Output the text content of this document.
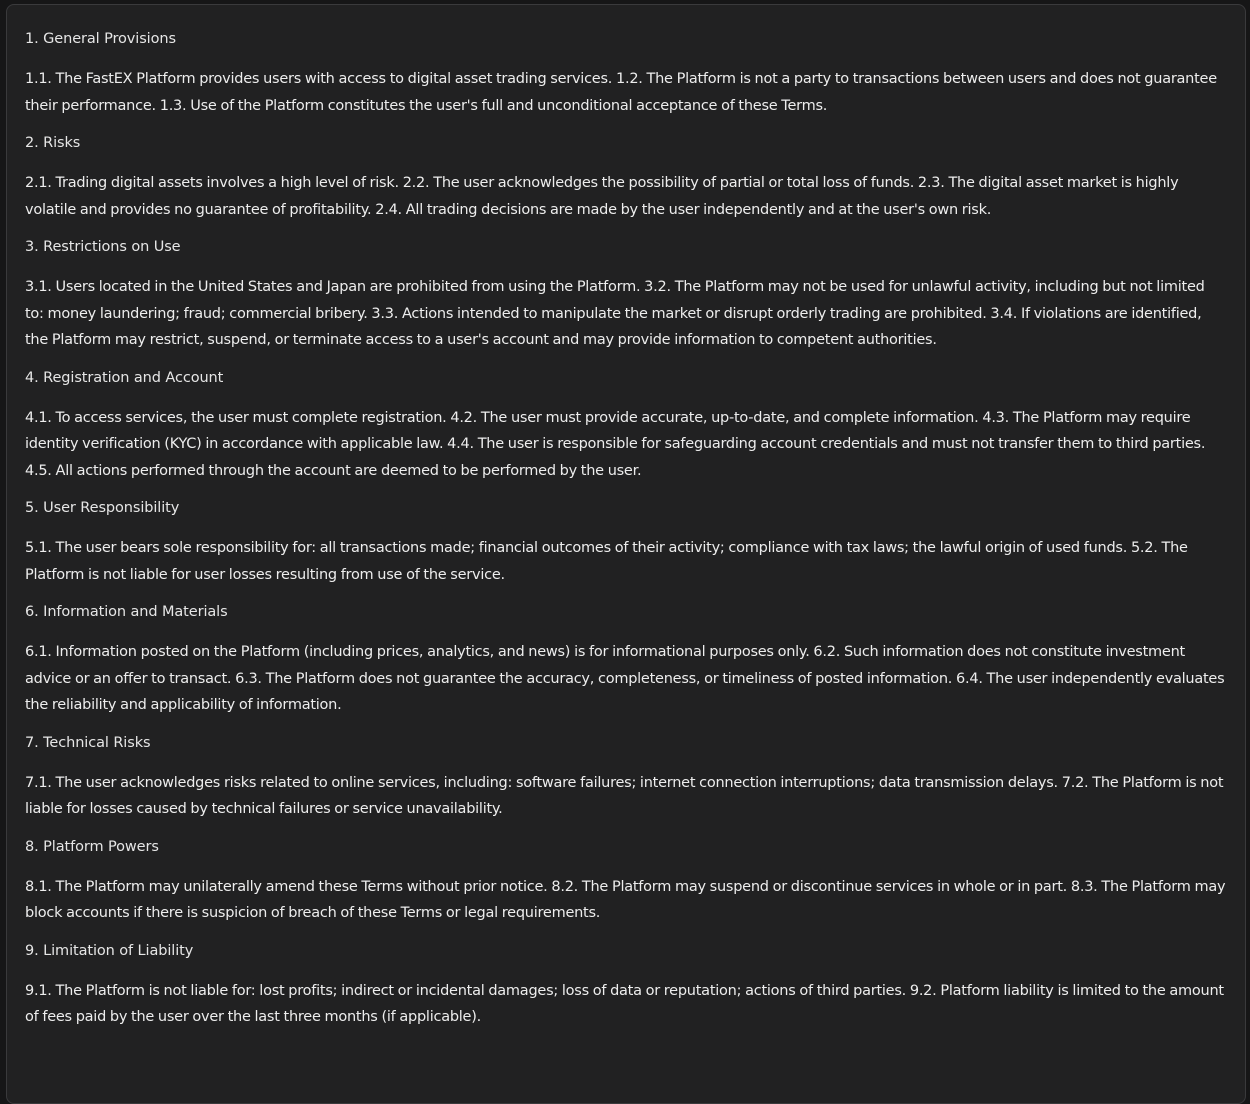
1. General Provisions

1.1. The FastEX Platform provides users with access to digital asset trading services. 1.2. The Platform is not a party to transactions between users and does not guarantee their performance. 1.3. Use of the Platform constitutes the user's full and unconditional acceptance of these Terms.

2. Risks

2.1. Trading digital assets involves a high level of risk. 2.2. The user acknowledges the possibility of partial or total loss of funds. 2.3. The digital asset market is highly volatile and provides no guarantee of profitability. 2.4. All trading decisions are made by the user independently and at the user's own risk.

3. Restrictions on Use

3.1. Users located in the United States and Japan are prohibited from using the Platform. 3.2. The Platform may not be used for unlawful activity, including but not limited to: money laundering; fraud; commercial bribery. 3.3. Actions intended to manipulate the market or disrupt orderly trading are prohibited. 3.4. If violations are identified, the Platform may restrict, suspend, or terminate access to a user's account and may provide information to competent authorities.

4. Registration and Account

4.1. To access services, the user must complete registration. 4.2. The user must provide accurate, up-to-date, and complete information. 4.3. The Platform may require identity verification (KYC) in accordance with applicable law. 4.4. The user is responsible for safeguarding account credentials and must not transfer them to third parties. 4.5. All actions performed through the account are deemed to be performed by the user.

5. User Responsibility

5.1. The user bears sole responsibility for: all transactions made; financial outcomes of their activity; compliance with tax laws; the lawful origin of used funds. 5.2. The Platform is not liable for user losses resulting from use of the service.

6. Information and Materials

6.1. Information posted on the Platform (including prices, analytics, and news) is for informational purposes only. 6.2. Such information does not constitute investment advice or an offer to transact. 6.3. The Platform does not guarantee the accuracy, completeness, or timeliness of posted information. 6.4. The user independently evaluates the reliability and applicability of information.

7. Technical Risks

7.1. The user acknowledges risks related to online services, including: software failures; internet connection interruptions; data transmission delays. 7.2. The Platform is not liable for losses caused by technical failures or service unavailability.

8. Platform Powers

8.1. The Platform may unilaterally amend these Terms without prior notice. 8.2. The Platform may suspend or discontinue services in whole or in part. 8.3. The Platform may block accounts if there is suspicion of breach of these Terms or legal requirements.

9. Limitation of Liability

9.1. The Platform is not liable for: lost profits; indirect or incidental damages; loss of data or reputation; actions of third parties. 9.2. Platform liability is limited to the amount of fees paid by the user over the last three months (if applicable).
